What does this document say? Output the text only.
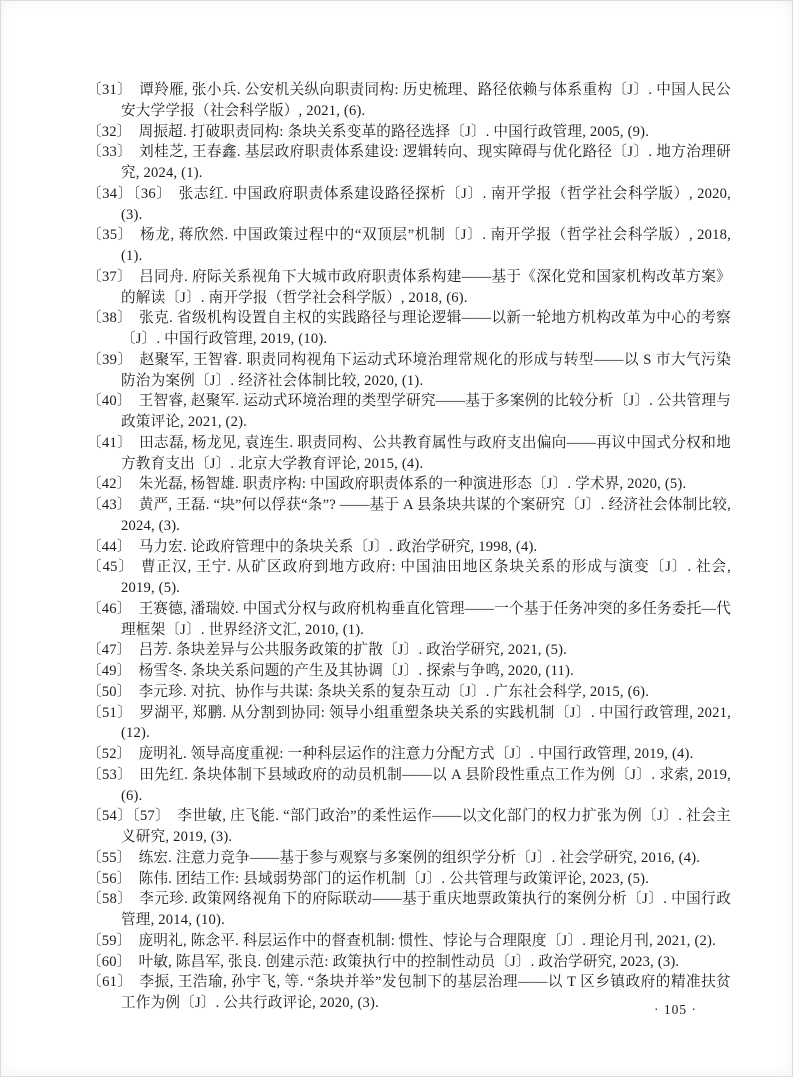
〔31〕 谭羚雁, 张小兵. 公安机关纵向职责同构: 历史梳理、路径依赖与体系重构〔J〕. 中国人民公安大学学报（社会科学版）, 2021, (6).

〔32〕 周振超. 打破职责同构: 条块关系变革的路径选择〔J〕. 中国行政管理, 2005, (9).

〔33〕 刘桂芝, 王春鑫. 基层政府职责体系建设: 逻辑转向、现实障碍与优化路径〔J〕. 地方治理研究, 2024, (1).

〔34〕〔36〕 张志红. 中国政府职责体系建设路径探析〔J〕. 南开学报（哲学社会科学版）, 2020, (3).

〔35〕 杨龙, 蒋欣然. 中国政策过程中的“双顶层”机制〔J〕. 南开学报（哲学社会科学版）, 2018, (1).

〔37〕 吕同舟. 府际关系视角下大城市政府职责体系构建——基于《深化党和国家机构改革方案》的解读〔J〕. 南开学报（哲学社会科学版）, 2018, (6).

〔38〕 张克. 省级机构设置自主权的实践路径与理论逻辑——以新一轮地方机构改革为中心的考察〔J〕. 中国行政管理, 2019, (10).

〔39〕 赵聚军, 王智睿. 职责同构视角下运动式环境治理常规化的形成与转型——以 S 市大气污染防治为案例〔J〕. 经济社会体制比较, 2020, (1).

〔40〕 王智睿, 赵聚军. 运动式环境治理的类型学研究——基于多案例的比较分析〔J〕. 公共管理与政策评论, 2021, (2).

〔41〕 田志磊, 杨龙见, 袁连生. 职责同构、公共教育属性与政府支出偏向——再议中国式分权和地方教育支出〔J〕. 北京大学教育评论, 2015, (4).

〔42〕 朱光磊, 杨智雄. 职责序构: 中国政府职责体系的一种演进形态〔J〕. 学术界, 2020, (5).

〔43〕 黄严, 王磊. “块”何以俘获“条”? ——基于 A 县条块共谋的个案研究〔J〕. 经济社会体制比较, 2024, (3).

〔44〕 马力宏. 论政府管理中的条块关系〔J〕. 政治学研究, 1998, (4).

〔45〕 曹正汉, 王宁. 从矿区政府到地方政府: 中国油田地区条块关系的形成与演变〔J〕. 社会, 2019, (5).

〔46〕 王赛德, 潘瑞姣. 中国式分权与政府机构垂直化管理——一个基于任务冲突的多任务委托—代理框架〔J〕. 世界经济文汇, 2010, (1).

〔47〕 吕芳. 条块差异与公共服务政策的扩散〔J〕. 政治学研究, 2021, (5).

〔49〕 杨雪冬. 条块关系问题的产生及其协调〔J〕. 探索与争鸣, 2020, (11).

〔50〕 李元珍. 对抗、协作与共谋: 条块关系的复杂互动〔J〕. 广东社会科学, 2015, (6).

〔51〕 罗湖平, 郑鹏. 从分割到协同: 领导小组重塑条块关系的实践机制〔J〕. 中国行政管理, 2021, (12).

〔52〕 庞明礼. 领导高度重视: 一种科层运作的注意力分配方式〔J〕. 中国行政管理, 2019, (4).

〔53〕 田先红. 条块体制下县域政府的动员机制——以 A 县阶段性重点工作为例〔J〕. 求索, 2019, (6).

〔54〕〔57〕 李世敏, 庄飞能. “部门政治”的柔性运作——以文化部门的权力扩张为例〔J〕. 社会主义研究, 2019, (3).

〔55〕 练宏. 注意力竞争——基于参与观察与多案例的组织学分析〔J〕. 社会学研究, 2016, (4).

〔56〕 陈伟. 团结工作: 县域弱势部门的运作机制〔J〕. 公共管理与政策评论, 2023, (5).

〔58〕 李元珍. 政策网络视角下的府际联动——基于重庆地票政策执行的案例分析〔J〕. 中国行政管理, 2014, (10).

〔59〕 庞明礼, 陈念平. 科层运作中的督查机制: 惯性、悖论与合理限度〔J〕. 理论月刊, 2021, (2).

〔60〕 叶敏, 陈昌军, 张良. 创建示范: 政策执行中的控制性动员〔J〕. 政治学研究, 2023, (3).

〔61〕 李振, 王浩瑜, 孙宇飞, 等. “条块并举”发包制下的基层治理——以 T 区乡镇政府的精准扶贫工作为例〔J〕. 公共行政评论, 2020, (3).	· 105 ·
